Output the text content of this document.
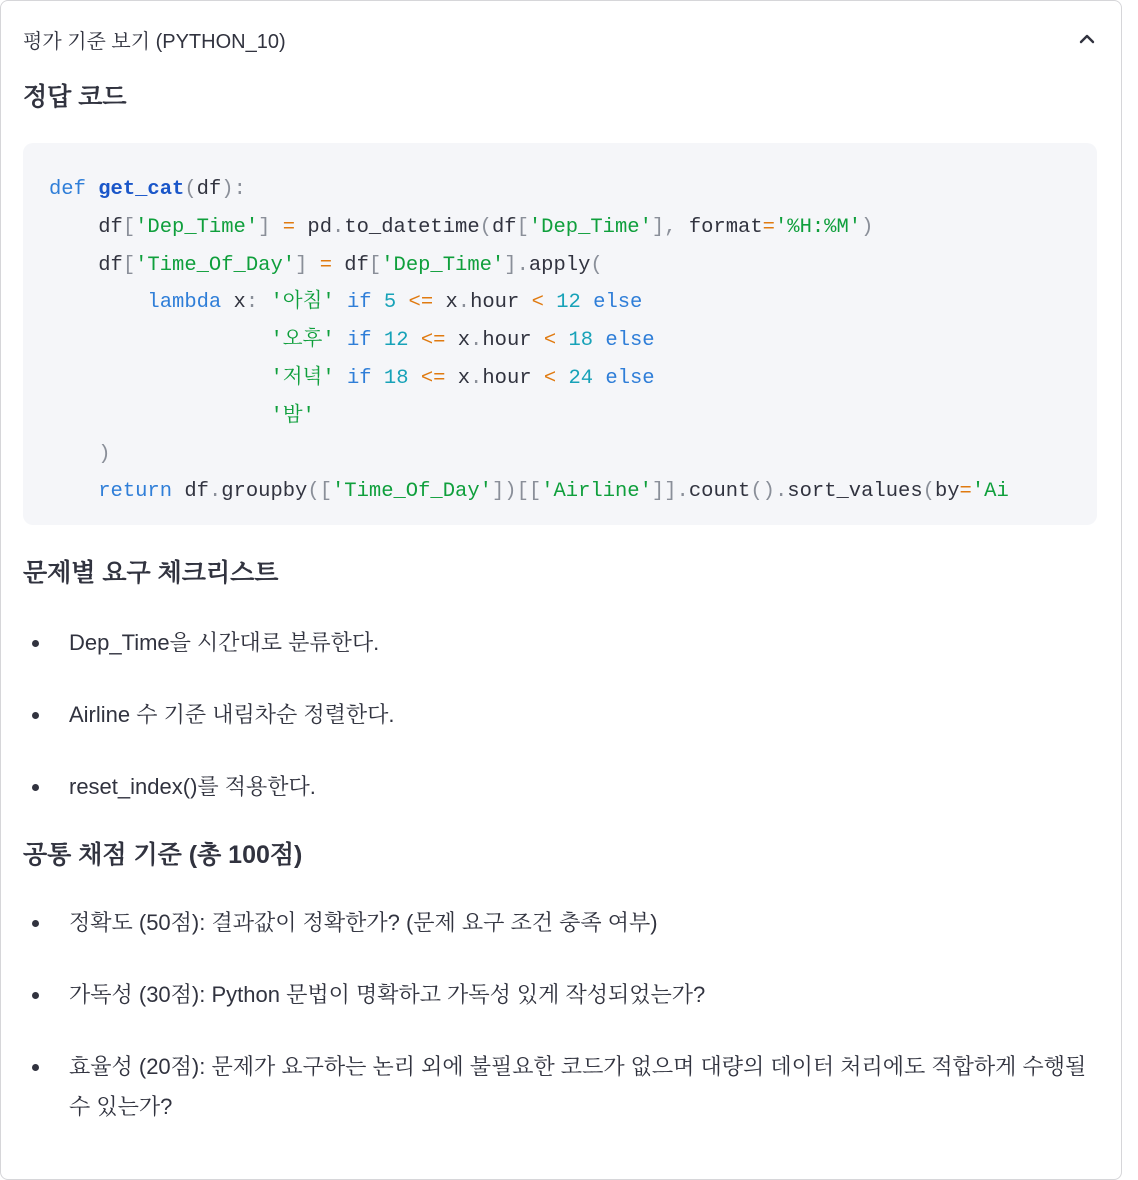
평가 기준 보기 (PYTHON_10)
정답 코드
def get_cat(df):
df['Dep_Time'] = pd.to_datetime(df['Dep_Time'], format='%H:%M')
df['Time_Of_Day'] = df['Dep_Time'].apply(
lambda x: '아침' if 5 <= x.hour < 12 else
'오후' if 12 <= x.hour < 18 else
'저녁' if 18 <= x.hour < 24 else
'밤'
)
return df.groupby(['Time_Of_Day'])[['Airline']].count().sort_values(by='Ai
문제별 요구 체크리스트
Dep_Time을 시간대로 분류한다.
Airline 수 기준 내림차순 정렬한다.
reset_index()를 적용한다.
공통 채점 기준 (총 100점)
정확도 (50점): 결과값이 정확한가? (문제 요구 조건 충족 여부)
가독성 (30점): Python 문법이 명확하고 가독성 있게 작성되었는가?
효율성 (20점): 문제가 요구하는 논리 외에 불필요한 코드가 없으며 대량의 데이터 처리에도 적합하게 수행될 수 있는가?
